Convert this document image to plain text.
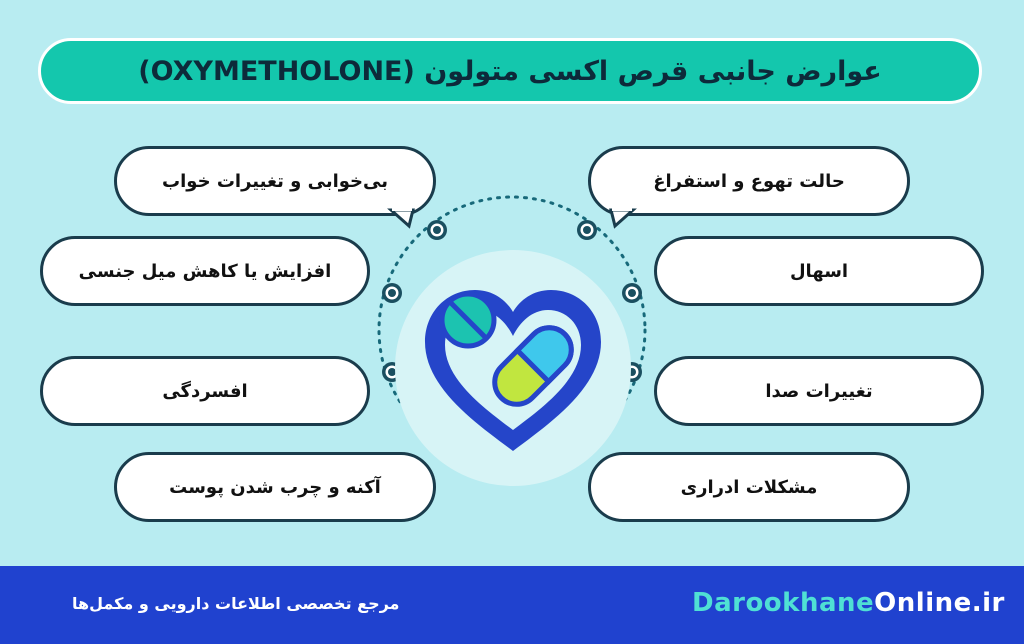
عوارض جانبی قرص اکسی متولون (OXYMETHOLONE)
بی‌خوابی و تغییرات خواب
افزایش یا کاهش میل جنسی
افسردگی
آکنه و چرب شدن پوست
حالت تهوع و استفراغ
اسهال
تغییرات صدا
مشکلات ادراری
DarookhaneOnline.ir
مرجع تخصصی اطلاعات دارویی و مکمل‌ها
